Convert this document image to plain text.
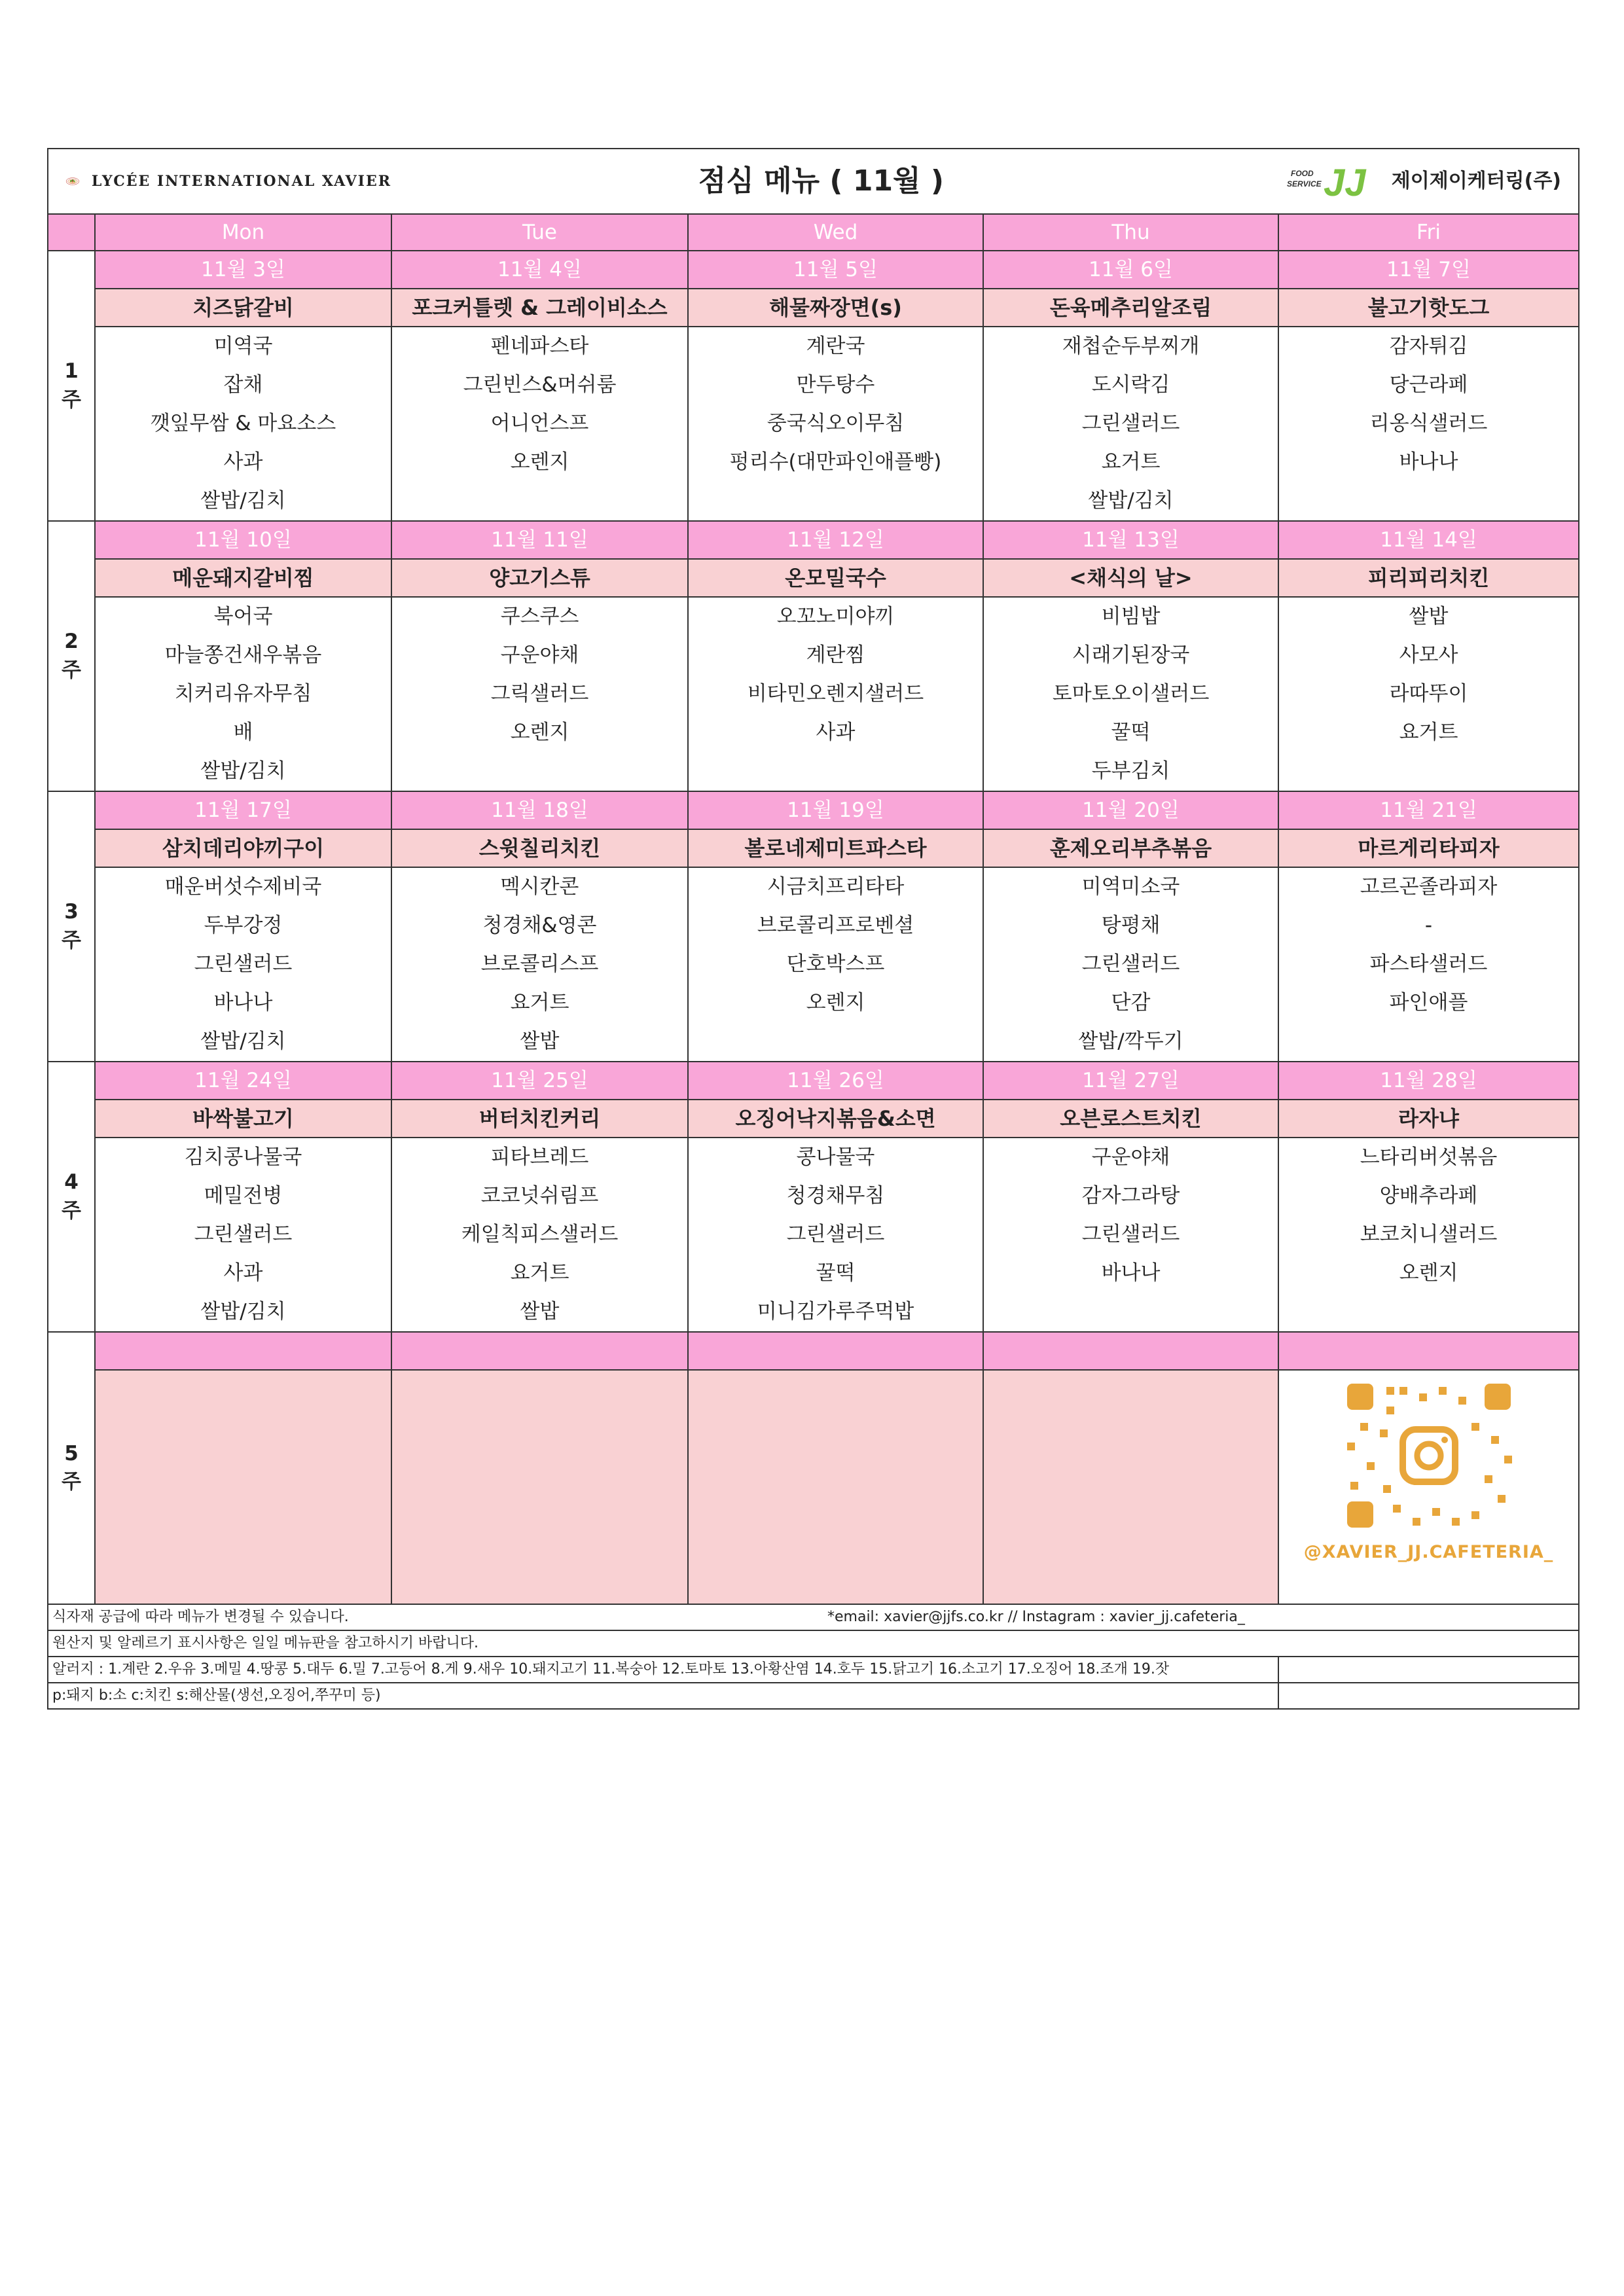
LYCÉE INTERNATIONAL XAVIER		점심 메뉴 ( 11월 )		FOOD
SERVICE JJ 제이제이케터링(주)	

	Mon	Tue	Wed	Thu	Fri
1
주	11월 3일	11월 4일	11월 5일	11월 6일	11월 7일
	치즈닭갈비	포크커틀렛 & 그레이비소스	해물짜장면(s)	돈육메추리알조림	불고기핫도그
	미역국	펜네파스타	계란국	재첩순두부찌개	감자튀김
	잡채	그린빈스&머쉬룸	만두탕수	도시락김	당근라페
	깻잎무쌈 & 마요소스	어니언스프	중국식오이무침	그린샐러드	리옹식샐러드
	사과	오렌지	펑리수(대만파인애플빵)	요거트	바나나
	쌀밥/김치			쌀밥/김치	
2
주	11월 10일	11월 11일	11월 12일	11월 13일	11월 14일
	메운돼지갈비찜	양고기스튜	온모밀국수	<채식의 날>	피리피리치킨
	북어국	쿠스쿠스	오꼬노미야끼	비빔밥	쌀밥
	마늘쫑건새우볶음	구운야채	계란찜	시래기된장국	사모사
	치커리유자무침	그릭샐러드	비타민오렌지샐러드	토마토오이샐러드	라따뚜이
	배	오렌지	사과	꿀떡	요거트
	쌀밥/김치			두부김치	
3
주	11월 17일	11월 18일	11월 19일	11월 20일	11월 21일
	삼치데리야끼구이	스윗칠리치킨	볼로네제미트파스타	훈제오리부추볶음	마르게리타피자
	매운버섯수제비국	멕시칸콘	시금치프리타타	미역미소국	고르곤졸라피자
	두부강정	청경채&영콘	브로콜리프로벤셜	탕평채	-
	그린샐러드	브로콜리스프	단호박스프	그린샐러드	파스타샐러드
	바나나	요거트	오렌지	단감	파인애플
	쌀밥/김치	쌀밥		쌀밥/깍두기	
4
주	11월 24일	11월 25일	11월 26일	11월 27일	11월 28일
	바싹불고기	버터치킨커리	오징어낙지볶음&소면	오븐로스트치킨	라자냐
	김치콩나물국	피타브레드	콩나물국	구운야채	느타리버섯볶음
	메밀전병	코코넛쉬림프	청경채무침	감자그라탕	양배추라페
	그린샐러드	케일칙피스샐러드	그린샐러드	그린샐러드	보코치니샐러드
	사과	요거트	꿀떡	바나나	오렌지
	쌀밥/김치	쌀밥	미니김가루주먹밥		
5
주					

					@XAVIER_JJ.CAFETERIA_

식자재 공급에 따라 메뉴가 변경될 수 있습니다. *email: xavier@jjfs.co.kr // Instagram : xavier_jj.cafeteria_					

원산지 및 알레르기 표시사항은 일일 메뉴판을 참고하시기 바랍니다.					
알러지 : 1.계란 2.우유 3.메밀 4.땅콩 5.대두 6.밀 7.고등어 8.게 9.새우 10.돼지고기 11.복숭아 12.토마토 13.아황산염 14.호두 15.닭고기 16.소고기 17.오징어 18.조개 19.잣					
p:돼지 b:소 c:치킨 s:해산물(생선,오징어,쭈꾸미 등)					
